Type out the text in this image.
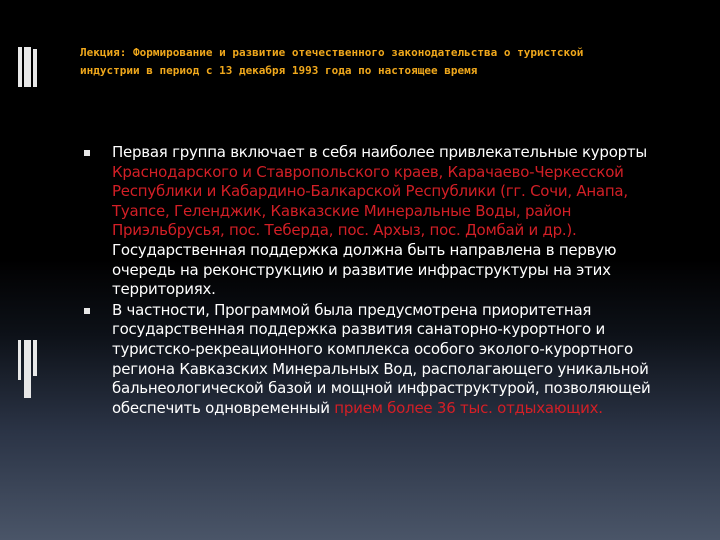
Лекция: Формирование и развитие отечественного законодательства о туристской
индустрии в период с 13 декабря 1993 года по настоящее время
Первая группа включает в себя наиболее привлекательные курорты Краснодарского и Ставропольского краев, Карачаево-Черкесской Республики и Кабардино-Балкарской Республики (гг. Сочи, Анапа, Туапсе, Геленджик, Кавказские Минеральные Воды, район Приэльбрусья, пос. Теберда, пос. Архыз, пос. Домбай и др.). Государственная поддержка должна быть направлена в первую очередь на реконструкцию и развитие инфраструктуры на этих территориях.
В частности, Программой была предусмотрена приоритетная государственная поддержка развития санаторно-курортного и туристско-рекреационного комплекса особого эколого-курортного региона Кавказских Минеральных Вод, располагающего уникальной бальнеологической базой и мощной инфраструктурой, позволяющей обеспечить одновременный прием более 36 тыс. отдыхающих.
